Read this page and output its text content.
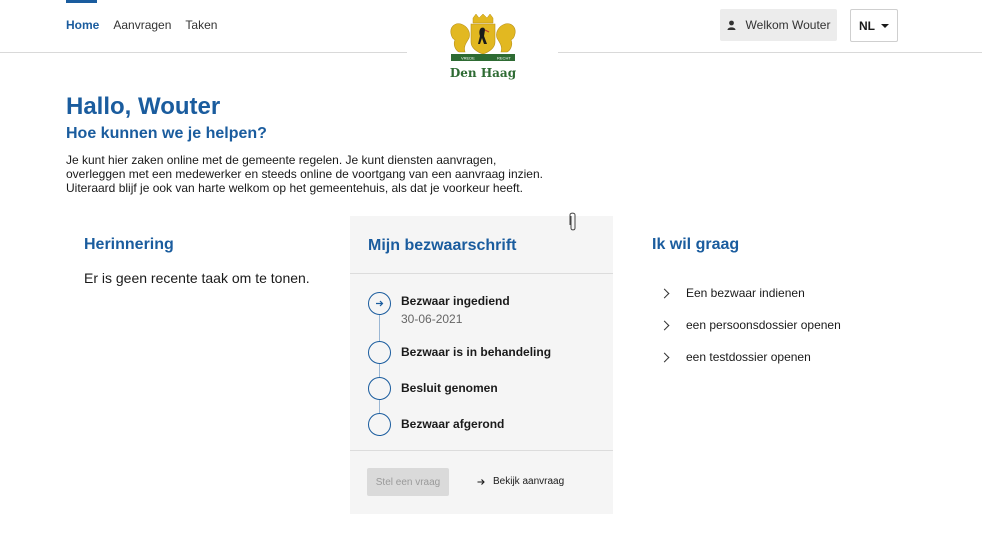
Home Aanvragen Taken
VREDE	RECHT
Den Haag
Welkom Wouter NL
Hallo, Wouter
Hoe kunnen we je helpen?

Je kunt hier zaken online met de gemeente regelen. Je kunt diensten aanvragen, overleggen met een medewerker en steeds online de voortgang van een aanvraag inzien. Uiteraard blijf je ook van harte welkom op het gemeentehuis, als dat je voorkeur heeft.

Herinnering

Er is geen recente taak om te tonen.

Mijn bezwaarschrift
Bezwaar ingediend
30-06-2021
Bezwaar is in behandeling
Besluit genomen
Bezwaar afgerond
Stel een vraag	Bekijk aanvraag
Ik wil graag
Een bezwaar indienen
een persoonsdossier openen
een testdossier openen
